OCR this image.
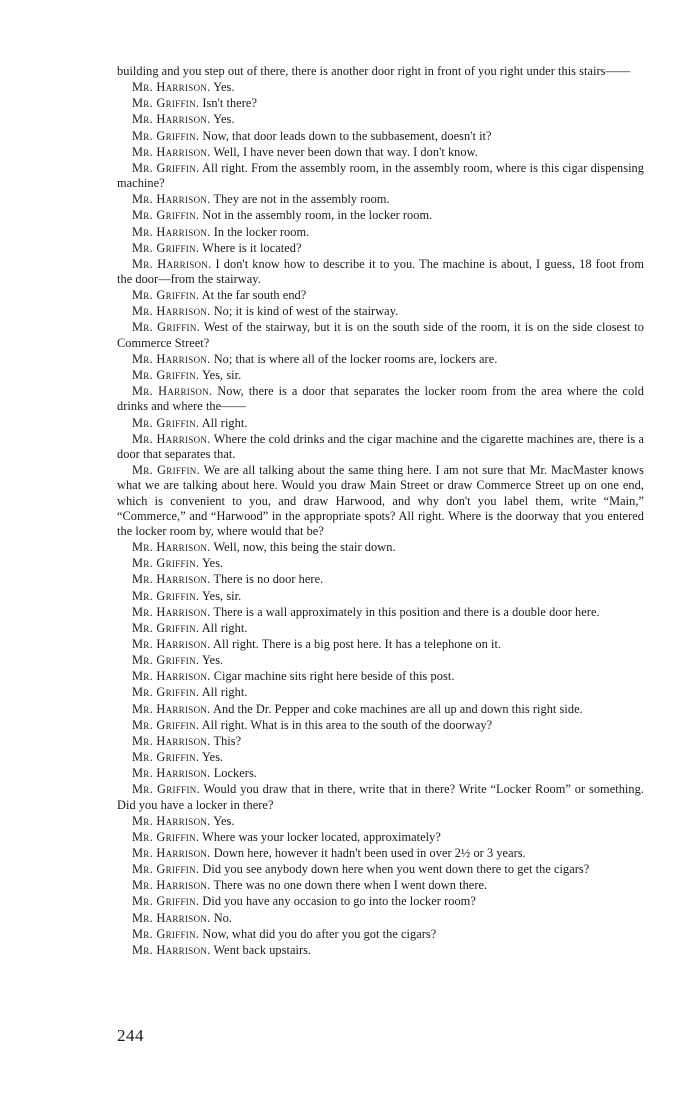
building and you step out of there, there is another door right in front of you right under this stairs——

Mr. Harrison. Yes.

Mr. Griffin. Isn't there?

Mr. Harrison. Yes.

Mr. Griffin. Now, that door leads down to the subbasement, doesn't it?

Mr. Harrison. Well, I have never been down that way. I don't know.

Mr. Griffin. All right. From the assembly room, in the assembly room, where is this cigar dispensing machine?

Mr. Harrison. They are not in the assembly room.

Mr. Griffin. Not in the assembly room, in the locker room.

Mr. Harrison. In the locker room.

Mr. Griffin. Where is it located?

Mr. Harrison. I don't know how to describe it to you. The machine is about, I guess, 18 foot from the door—from the stairway.

Mr. Griffin. At the far south end?

Mr. Harrison. No; it is kind of west of the stairway.

Mr. Griffin. West of the stairway, but it is on the south side of the room, it is on the side closest to Commerce Street?

Mr. Harrison. No; that is where all of the locker rooms are, lockers are.

Mr. Griffin. Yes, sir.

Mr. Harrison. Now, there is a door that separates the locker room from the area where the cold drinks and where the——

Mr. Griffin. All right.

Mr. Harrison. Where the cold drinks and the cigar machine and the cigarette machines are, there is a door that separates that.

Mr. Griffin. We are all talking about the same thing here. I am not sure that Mr. MacMaster knows what we are talking about here. Would you draw Main Street or draw Commerce Street up on one end, which is convenient to you, and draw Harwood, and why don't you label them, write “Main,” “Commerce,” and “Harwood” in the appropriate spots? All right. Where is the doorway that you entered the locker room by, where would that be?

Mr. Harrison. Well, now, this being the stair down.

Mr. Griffin. Yes.

Mr. Harrison. There is no door here.

Mr. Griffin. Yes, sir.

Mr. Harrison. There is a wall approximately in this position and there is a double door here.

Mr. Griffin. All right.

Mr. Harrison. All right. There is a big post here. It has a telephone on it.

Mr. Griffin. Yes.

Mr. Harrison. Cigar machine sits right here beside of this post.

Mr. Griffin. All right.

Mr. Harrison. And the Dr. Pepper and coke machines are all up and down this right side.

Mr. Griffin. All right. What is in this area to the south of the doorway?

Mr. Harrison. This?

Mr. Griffin. Yes.

Mr. Harrison. Lockers.

Mr. Griffin. Would you draw that in there, write that in there? Write “Locker Room” or something. Did you have a locker in there?

Mr. Harrison. Yes.

Mr. Griffin. Where was your locker located, approximately?

Mr. Harrison. Down here, however it hadn't been used in over 2½ or 3 years.

Mr. Griffin. Did you see anybody down here when you went down there to get the cigars?

Mr. Harrison. There was no one down there when I went down there.

Mr. Griffin. Did you have any occasion to go into the locker room?

Mr. Harrison. No.

Mr. Griffin. Now, what did you do after you got the cigars?

Mr. Harrison. Went back upstairs.

244
